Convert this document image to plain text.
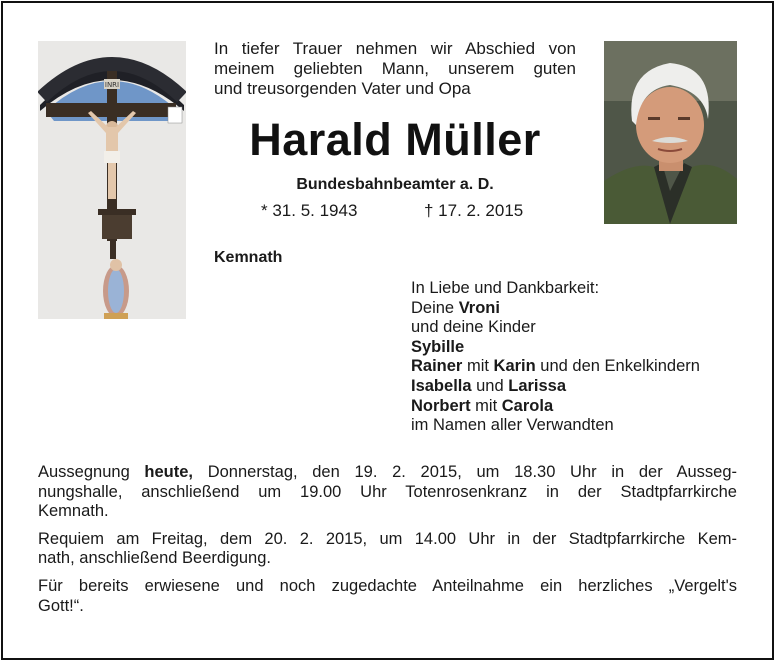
INRI
In tiefer Trauer nehmen wir Abschied von
meinem geliebten Mann, unserem guten
und treusorgenden Vater und Opa
Harald Müller
Bundesbahnbeamter a. D.
* 31. 5. 1943	† 17. 2. 2015
Kemnath
In Liebe und Dankbarkeit:
Deine Vroni
und deine Kinder
Sybille
Rainer mit Karin und den Enkelkindern
Isabella und Larissa
Norbert mit Carola
im Namen aller Verwandten

Aussegnung heute, Donnerstag, den 19. 2. 2015, um 18.30 Uhr in der Ausseg-
nungshalle, anschließend um 19.00 Uhr Totenrosenkranz in der Stadtpfarrkirche
Kemnath.

Requiem am Freitag, dem 20. 2. 2015, um 14.00 Uhr in der Stadtpfarrkirche Kem-
nath, anschließend Beerdigung.

Für bereits erwiesene und noch zugedachte Anteilnahme ein herzliches „Vergelt's
Gott!“.
